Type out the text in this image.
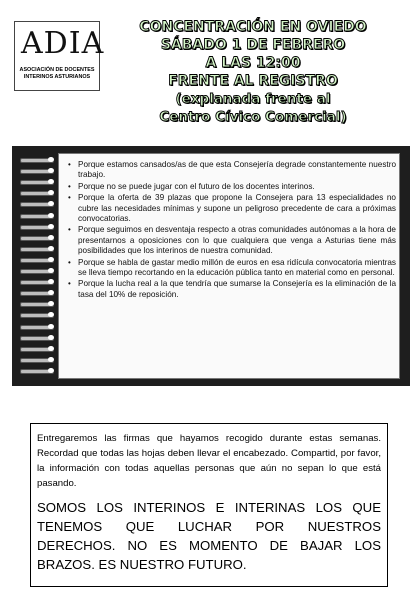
ADIA
ASOCIACIÓN DE DOCENTES
INTERINOS ASTURIANOS
CONCENTRACIÓN EN OVIEDO
SÁBADO 1 DE FEBRERO
A LAS 12:00
FRENTE AL REGISTRO
(explanada frente al
Centro Cívico Comercial)
• Porque estamos cansados/as de que esta Consejería degrade constantemente nuestro trabajo.
• Porque no se puede jugar con el futuro de los docentes interinos.
• Porque la oferta de 39 plazas que propone la Consejera para 13 especialidades no cubre las necesidades mínimas y supone un peligroso precedente de cara a próximas convocatorias.
• Porque seguimos en desventaja respecto a otras comunidades autónomas a la hora de presentarnos a oposiciones con lo que cualquiera que venga a Asturias tiene más posibilidades que los interinos de nuestra comunidad.
• Porque se habla de gastar medio millón de euros en esa ridícula convocatoria mientras se lleva tiempo recortando en la educación pública tanto en material como en personal.
• Porque la lucha real a la que tendría que sumarse la Consejería es la eliminación de la tasa del 10% de reposición.

Entregaremos las firmas que hayamos recogido durante estas semanas. Recordad que todas las hojas deben llevar el encabezado. Compartid, por favor, la información con todas aquellas personas que aún no sepan lo que está pasando.

SOMOS LOS INTERINOS E INTERINAS LOS QUE TENEMOS QUE LUCHAR POR NUESTROS DERECHOS. NO ES MOMENTO DE BAJAR LOS BRAZOS. ES NUESTRO FUTURO.
